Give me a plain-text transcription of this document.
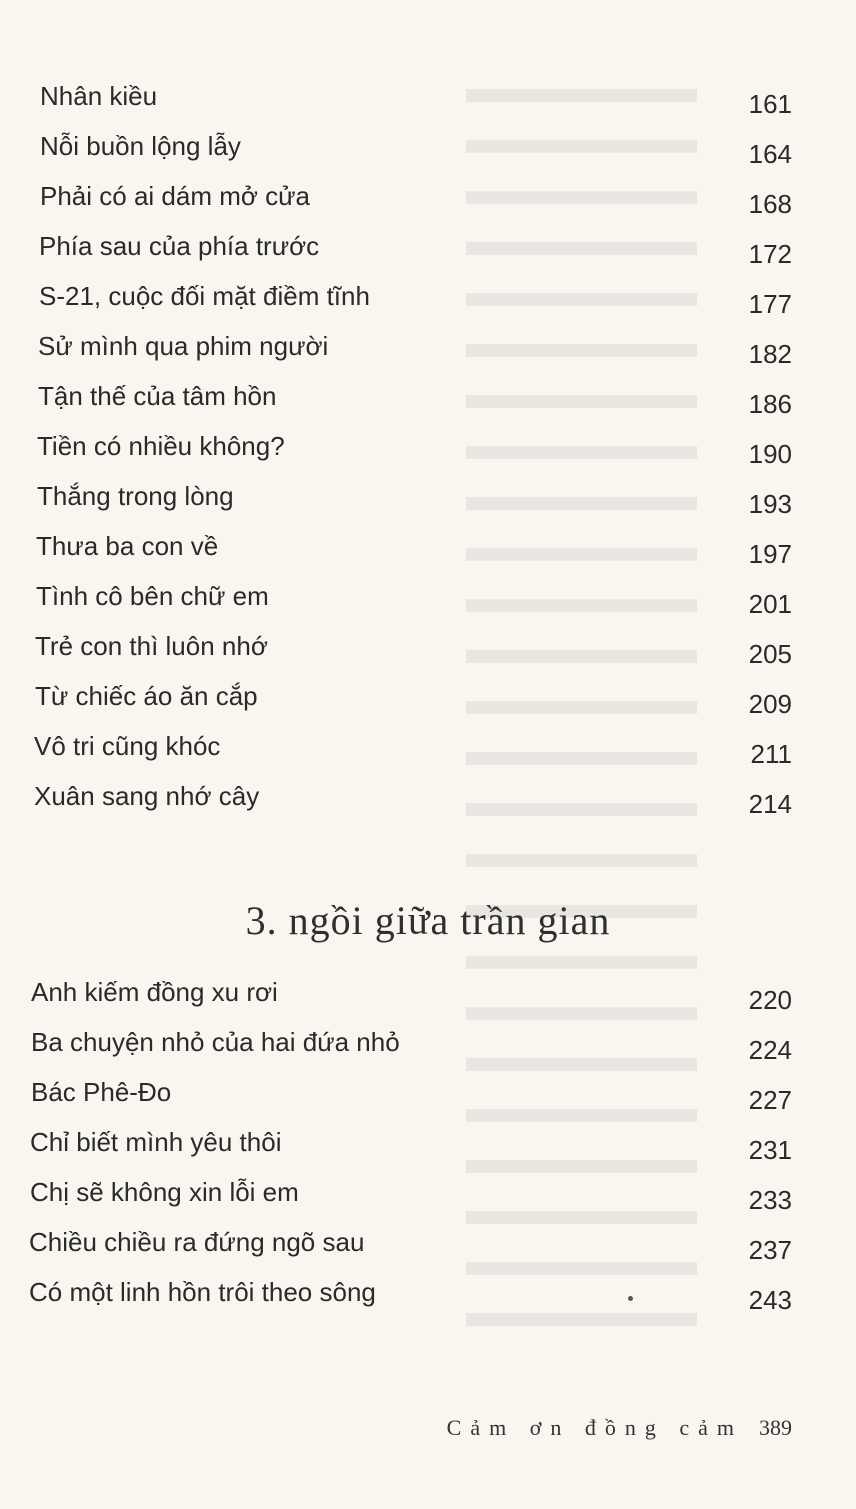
Nhân kiều	161
Nỗi buồn lộng lẫy	164
Phải có ai dám mở cửa	168
Phía sau của phía trước	172
S-21, cuộc đối mặt điềm tĩnh	177
Sử mình qua phim người	182
Tận thế của tâm hồn	186
Tiền có nhiều không?	190
Thắng trong lòng	193
Thưa ba con về	197
Tình cô bên chữ em	201
Trẻ con thì luôn nhớ	205
Từ chiếc áo ăn cắp	209
Vô tri cũng khóc	211
Xuân sang nhớ cây	214
3. ngồi giữa trần gian
Anh kiếm đồng xu rơi	220
Ba chuyện nhỏ của hai đứa nhỏ	224
Bác Phê-Đo	227
Chỉ biết mình yêu thôi	231
Chị sẽ không xin lỗi em	233
Chiều chiều ra đứng ngõ sau	237
Có một linh hồn trôi theo sông	243
Cảm ơn đồng cảm 389
